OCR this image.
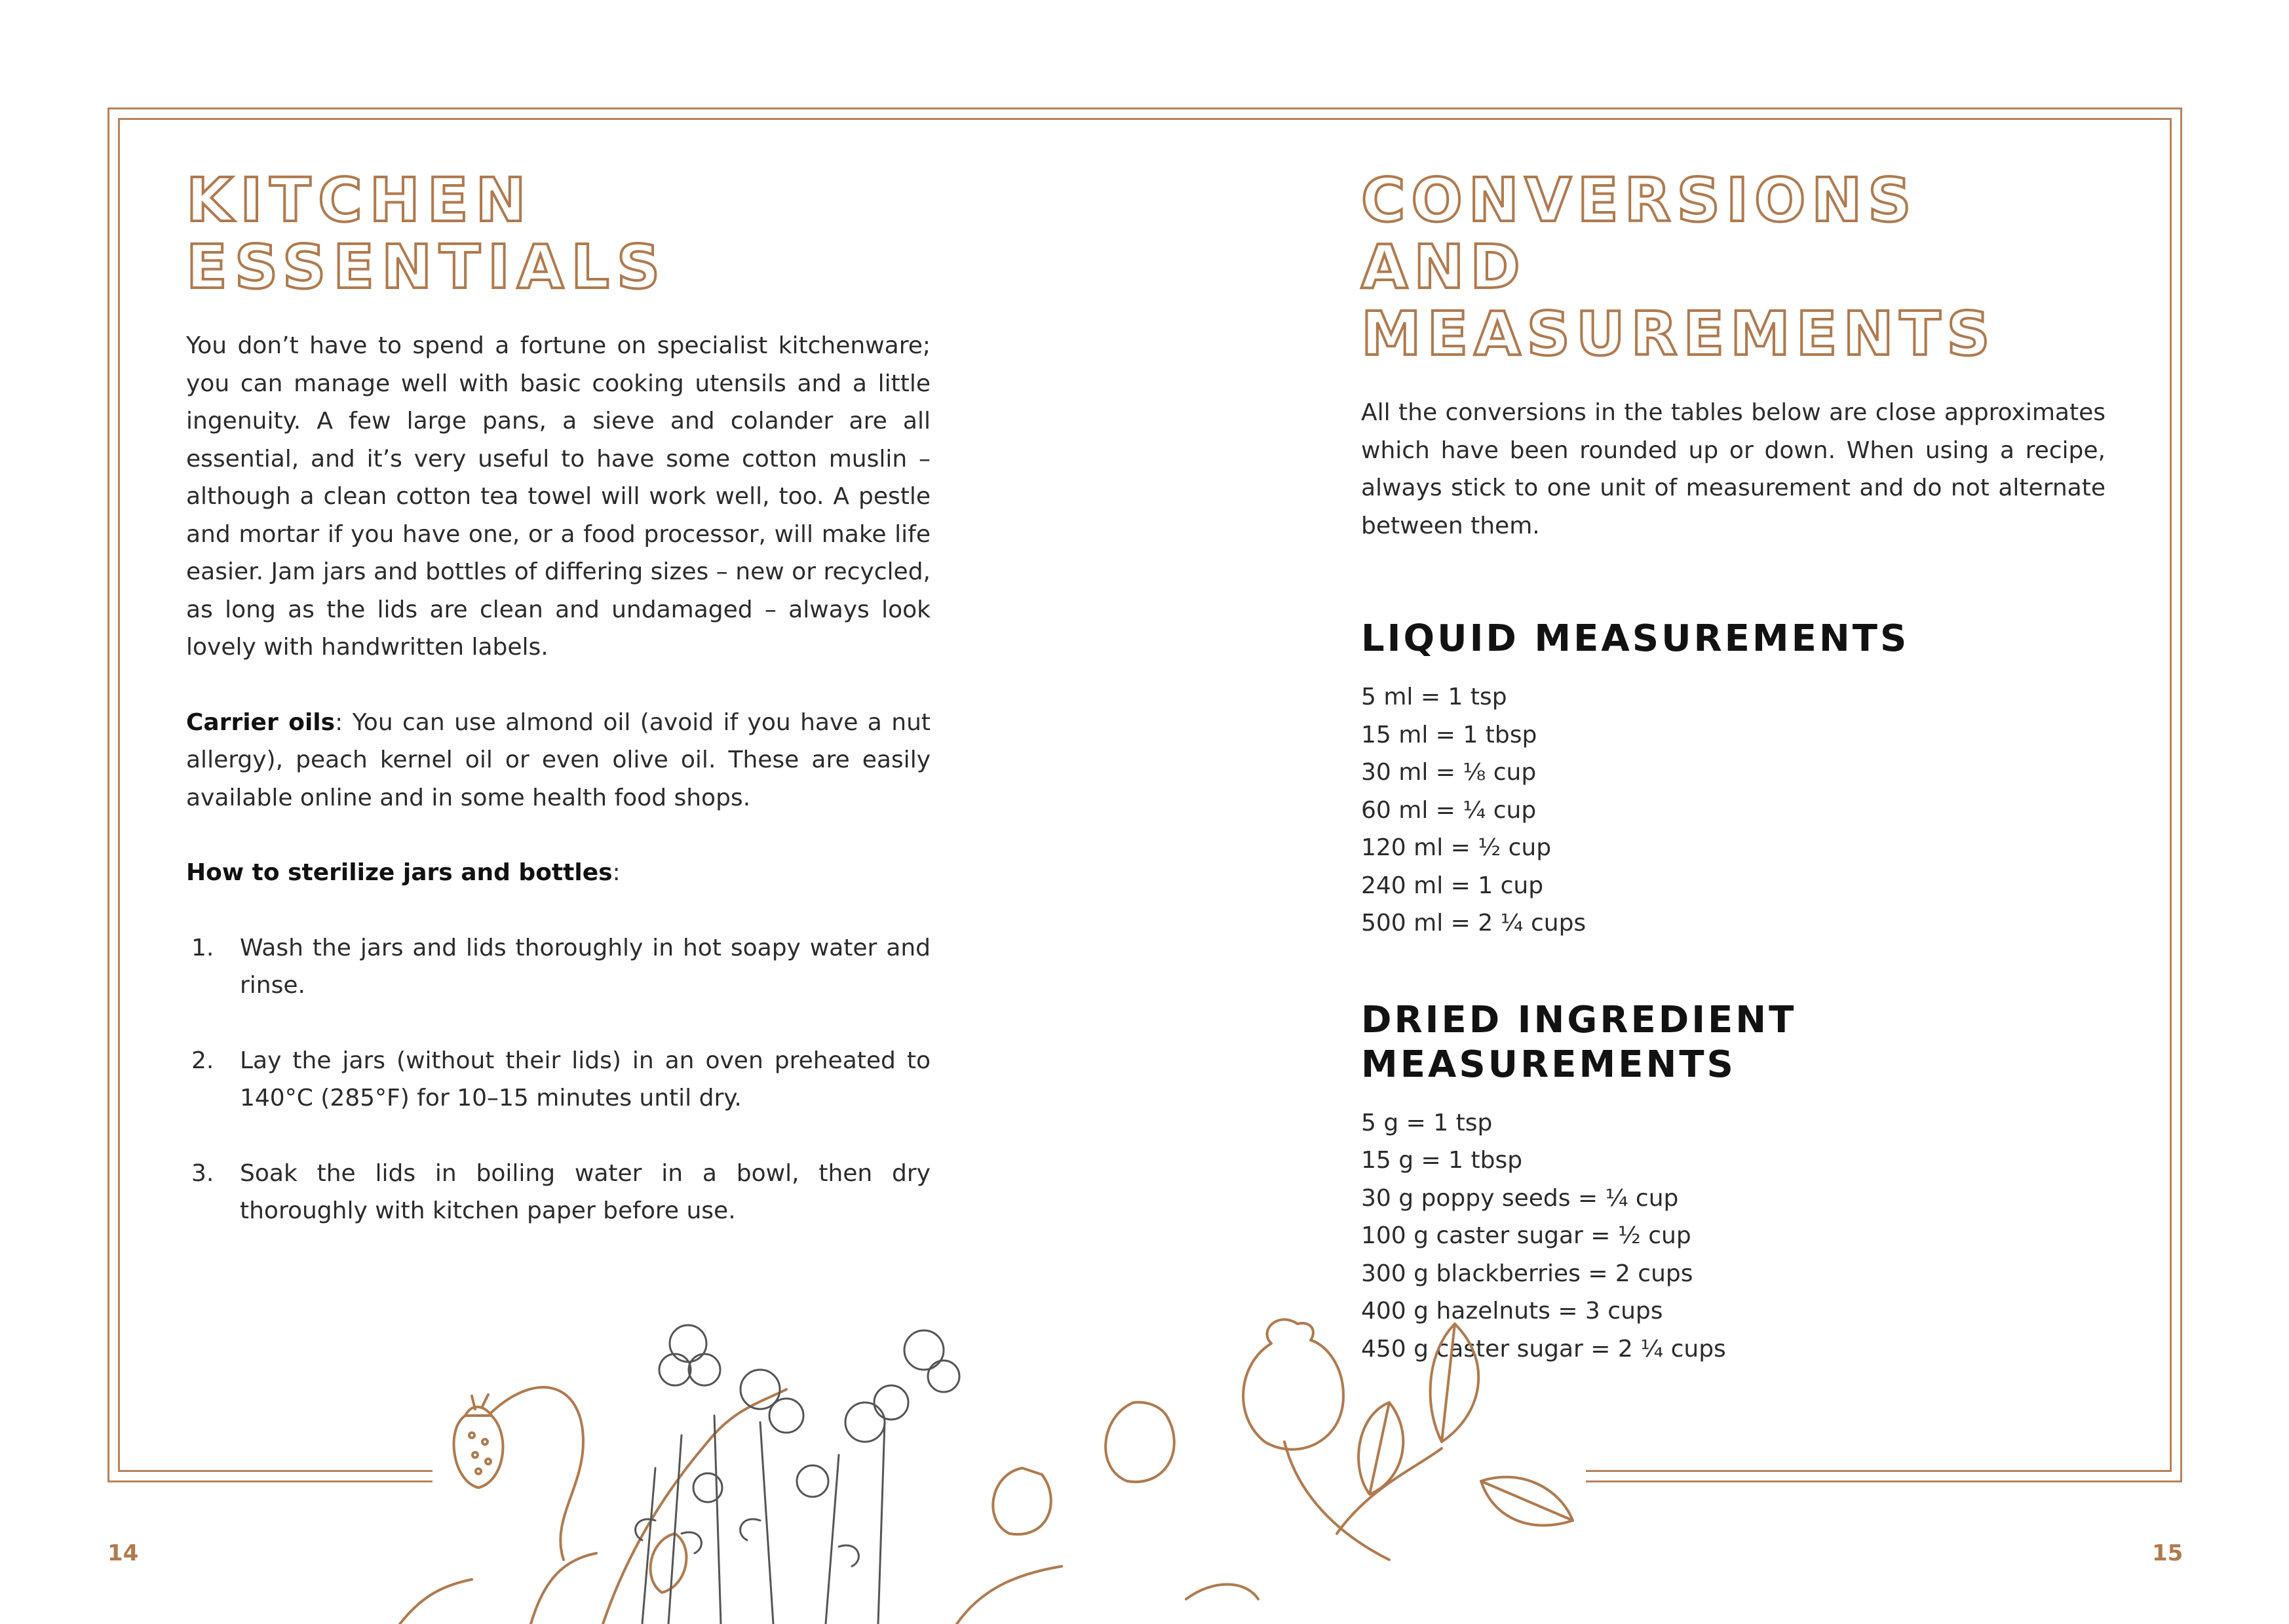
KITCHEN
ESSENTIALS

You don’t have to spend a fortune on specialist kitchenware; you can manage well with basic cooking utensils and a little ingenuity. A few large pans, a sieve and colander are all essential, and it’s very useful to have some cotton muslin – although a clean cotton tea towel will work well, too. A pestle and mortar if you have one, or a food processor, will make life easier. Jam jars and bottles of differing sizes – new or recycled, as long as the lids are clean and undamaged – always look lovely with handwritten labels.

Carrier oils: You can use almond oil (avoid if you have a nut allergy), peach kernel oil or even olive oil. These are easily available online and in some health food shops.

How to sterilize jars and bottles:

1. Wash the jars and lids thoroughly in hot soapy water and rinse.
2. Lay the jars (without their lids) in an oven preheated to 140°C (285°F) for 10–15 minutes until dry.
3. Soak the lids in boiling water in a bowl, then dry thoroughly with kitchen paper before use.
CONVERSIONS AND
MEASUREMENTS

All the conversions in the tables below are close approximates which have been rounded up or down. When using a recipe, always stick to one unit of measurement and do not alternate between them.

LIQUID MEASUREMENTS
5 ml = 1 tsp
15 ml = 1 tbsp
30 ml = ⅛ cup
60 ml = ¼ cup
120 ml = ½ cup
240 ml = 1 cup
500 ml = 2 ¼ cups
DRIED INGREDIENT
MEASUREMENTS
5 g = 1 tsp
15 g = 1 tbsp
30 g poppy seeds = ¼ cup
100 g caster sugar = ½ cup
300 g blackberries = 2 cups
400 g hazelnuts = 3 cups
450 g caster sugar = 2 ¼ cups
14	15
